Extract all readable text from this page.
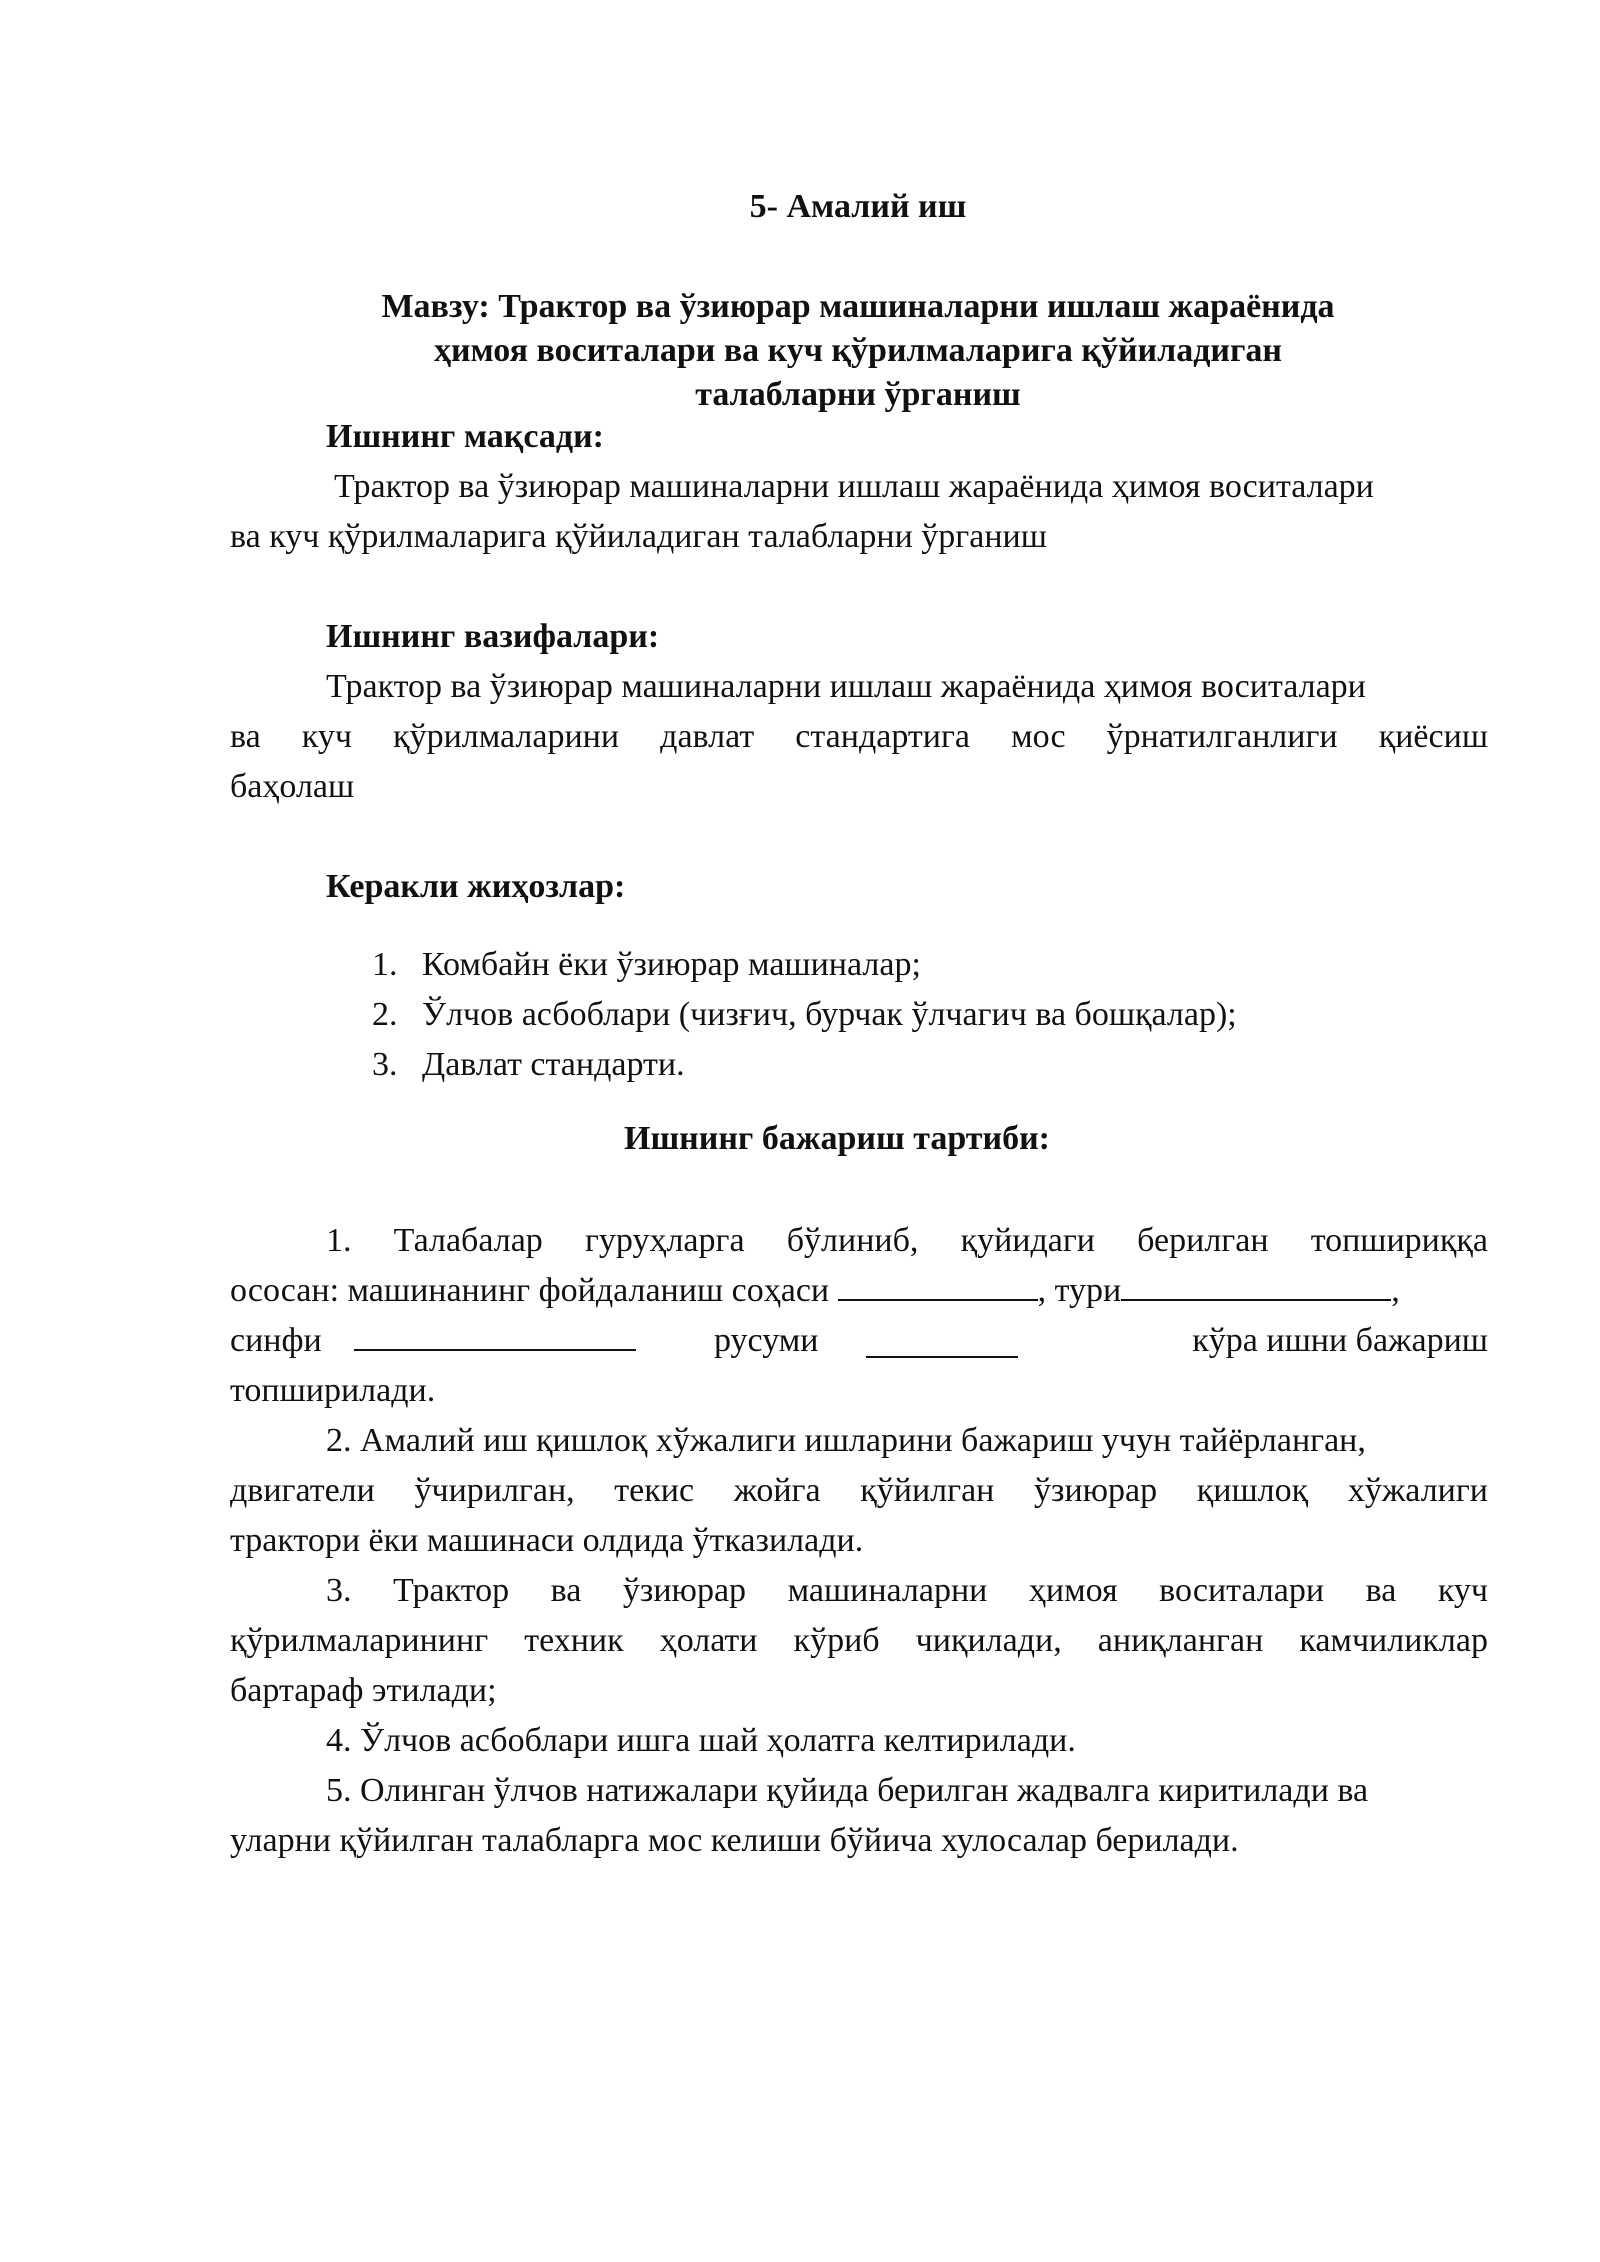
5- Амалий иш
Мавзу: Трактор ва ўзиюрар машиналарни ишлаш жараёнида
ҳимоя воситалари ва куч қўрилмаларига қўйиладиган
талабларни ўрганиш
Ишнинг мақсади:
Трактор ва ўзиюрар машиналарни ишлаш жараёнида ҳимоя воситалари
ва куч қўрилмаларига қўйиладиган талабларни ўрганиш
Ишнинг вазифалари:
Трактор ва ўзиюрар машиналарни ишлаш жараёнида ҳимоя воситалари
ва куч қўрилмаларини давлат стандартига мос ўрнатилганлиги қиёсиш
баҳолаш
Керакли жиҳозлар:
1. Комбайн ёки ўзиюрар машиналар;
2. Ўлчов асбоблари (чизғич, бурчак ўлчагич ва бошқалар);
3. Давлат стандарти.
Ишнинг бажариш тартиби:
1. Талабалар гуруҳларга бўлиниб, қуйидаги берилган топшириққа
ососан: машинанинг фойдаланиш соҳаси	, тури	,
синфи	русуми	кўра ишни бажариш
топширилади.
2. Амалий иш қишлоқ хўжалиги ишларини бажариш учун тайёрланган,
двигатели ўчирилган, текис жойга қўйилган ўзиюрар қишлоқ хўжалиги
трактори ёки машинаси олдида ўтказилади.
3. Трактор ва ўзиюрар машиналарни ҳимоя воситалари ва куч
қўрилмаларининг техник ҳолати кўриб чиқилади, аниқланган камчиликлар
бартараф этилади;
4. Ўлчов асбоблари ишга шай ҳолатга келтирилади.
5. Олинган ўлчов натижалари қуйида берилган жадвалга киритилади ва
уларни қўйилган талабларга мос келиши бўйича хулосалар берилади.
